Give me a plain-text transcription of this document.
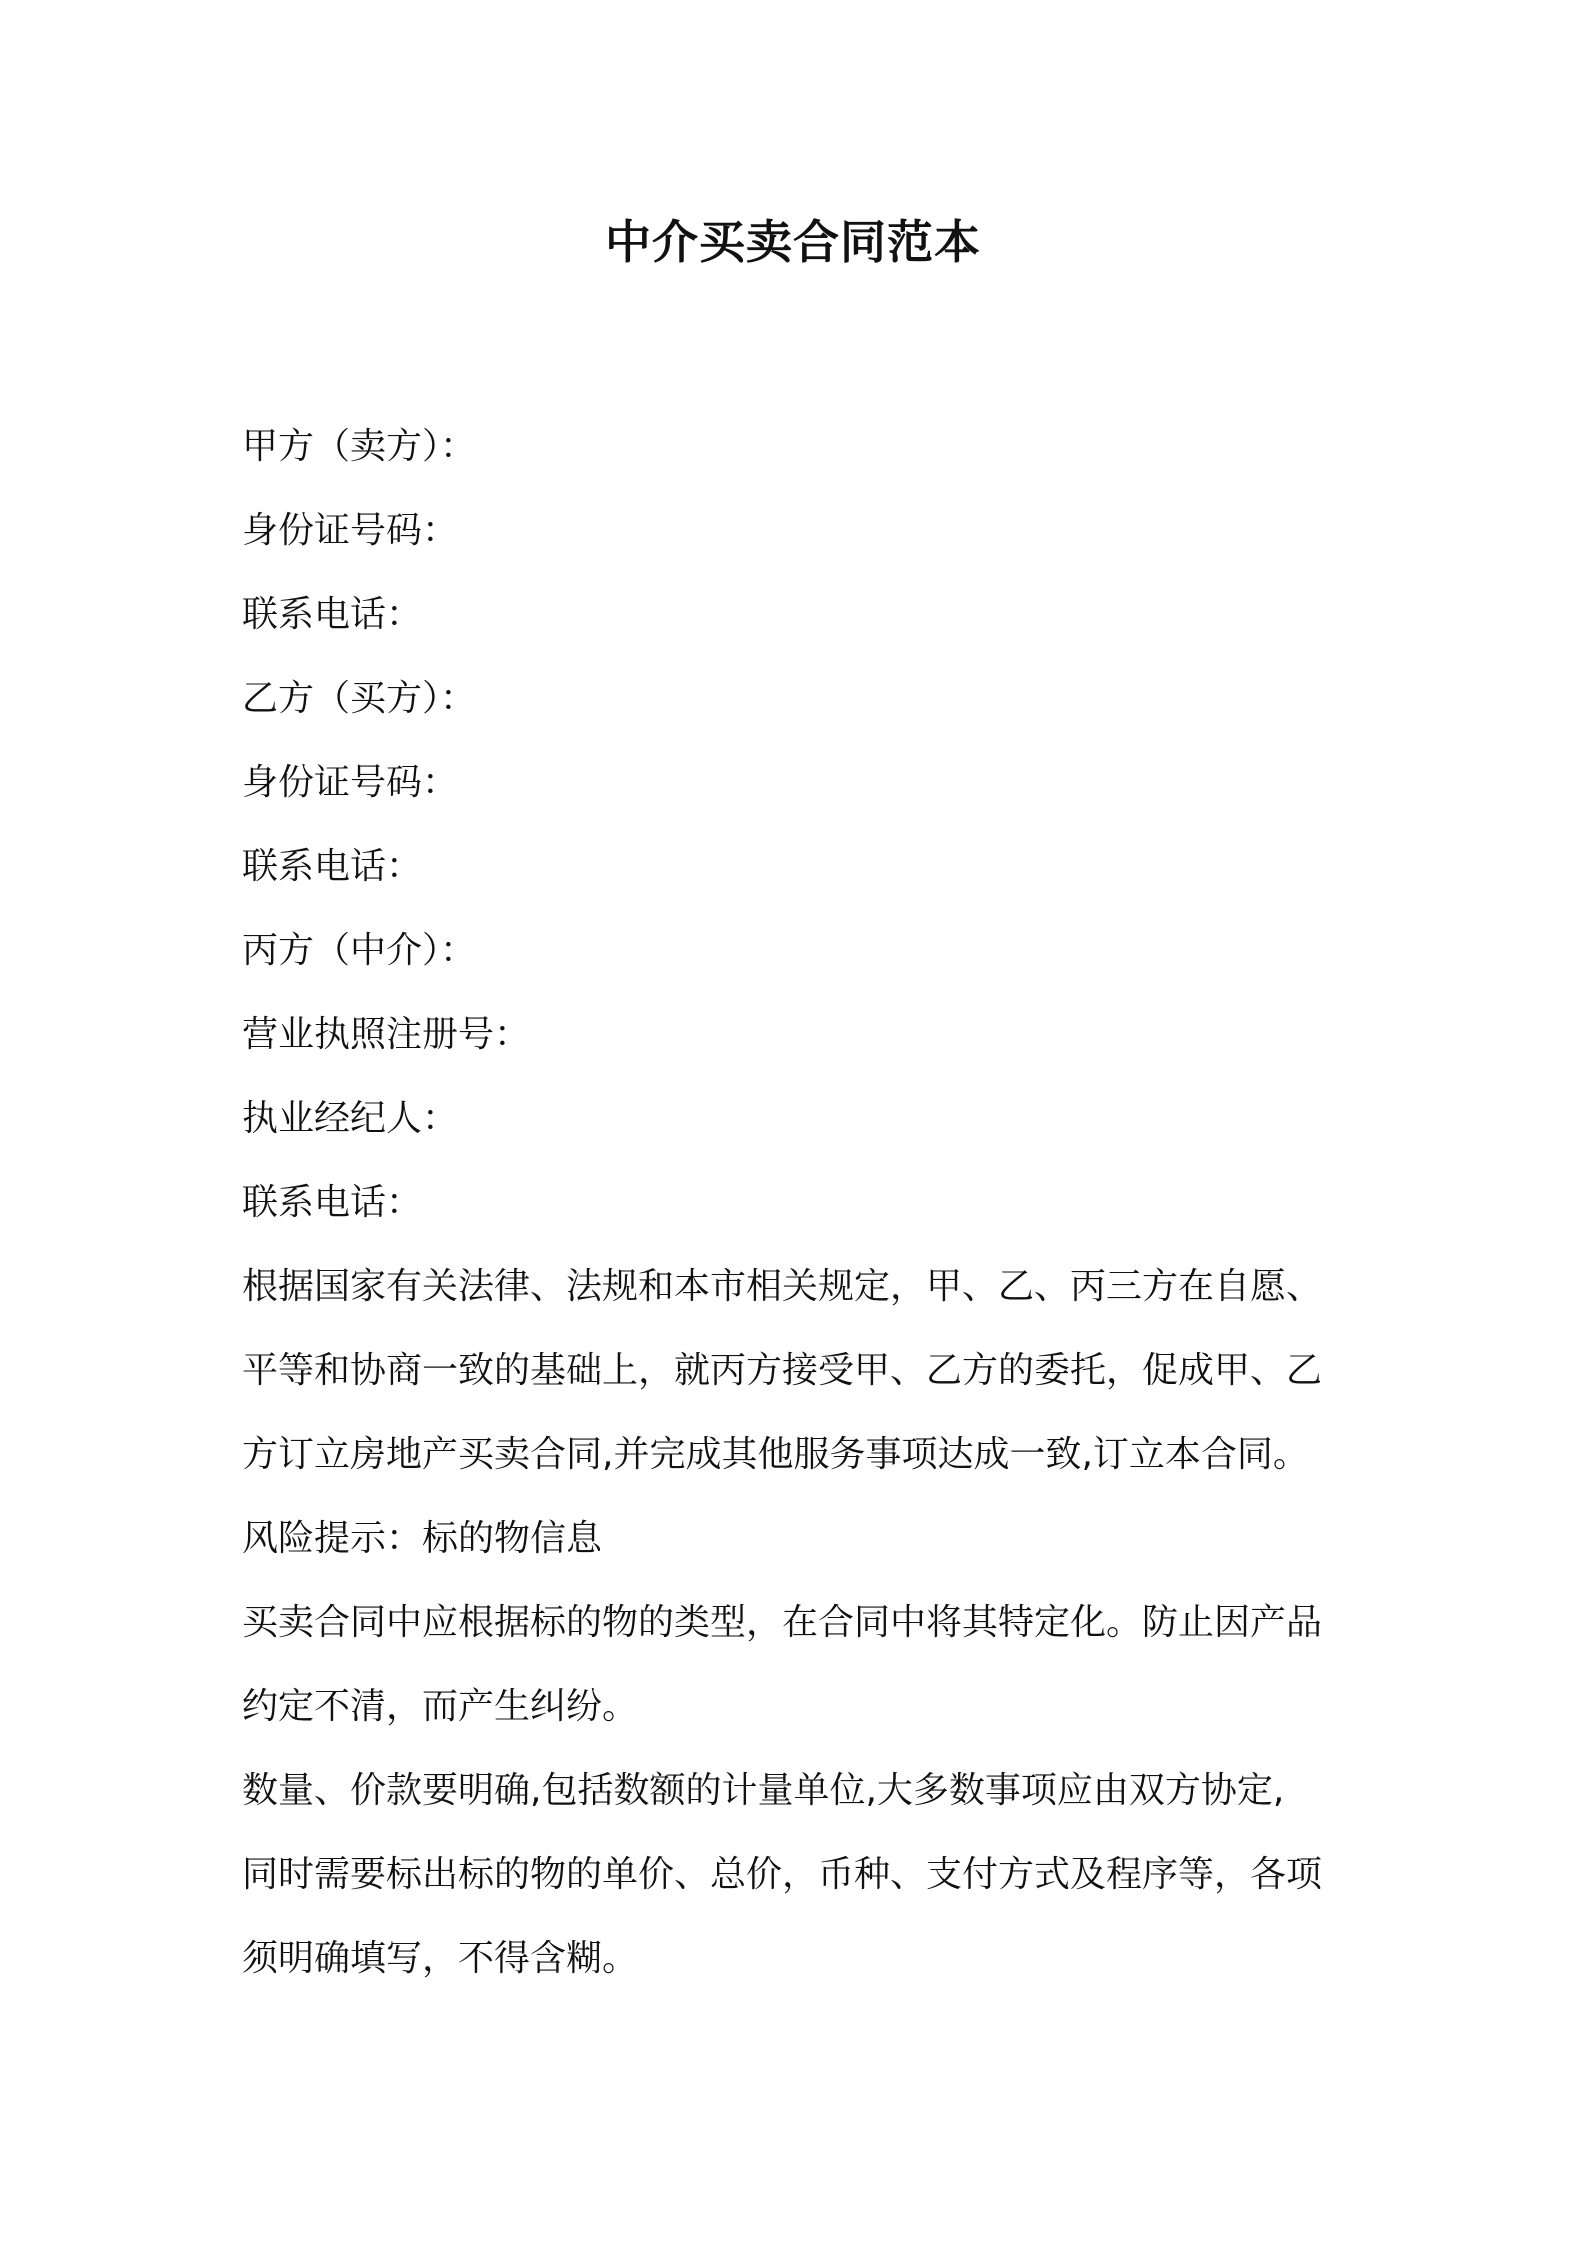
中介买卖合同范本

甲方（卖方）：

身份证号码：

联系电话：

乙方（买方）：

身份证号码：

联系电话：

丙方（中介）：

营业执照注册号：

执业经纪人：

联系电话：

根据国家有关法律、法规和本市相关规定，甲、乙、丙三方在自愿、
平等和协商一致的基础上，就丙方接受甲、乙方的委托，促成甲、乙
方订立房地产买卖合同,并完成其他服务事项达成一致,订立本合同。

风险提示：标的物信息

买卖合同中应根据标的物的类型，在合同中将其特定化。防止因产品
约定不清，而产生纠纷。
数量、价款要明确,包括数额的计量单位,大多数事项应由双方协定,
同时需要标出标的物的单价、总价，币种、支付方式及程序等，各项
须明确填写，不得含糊。
